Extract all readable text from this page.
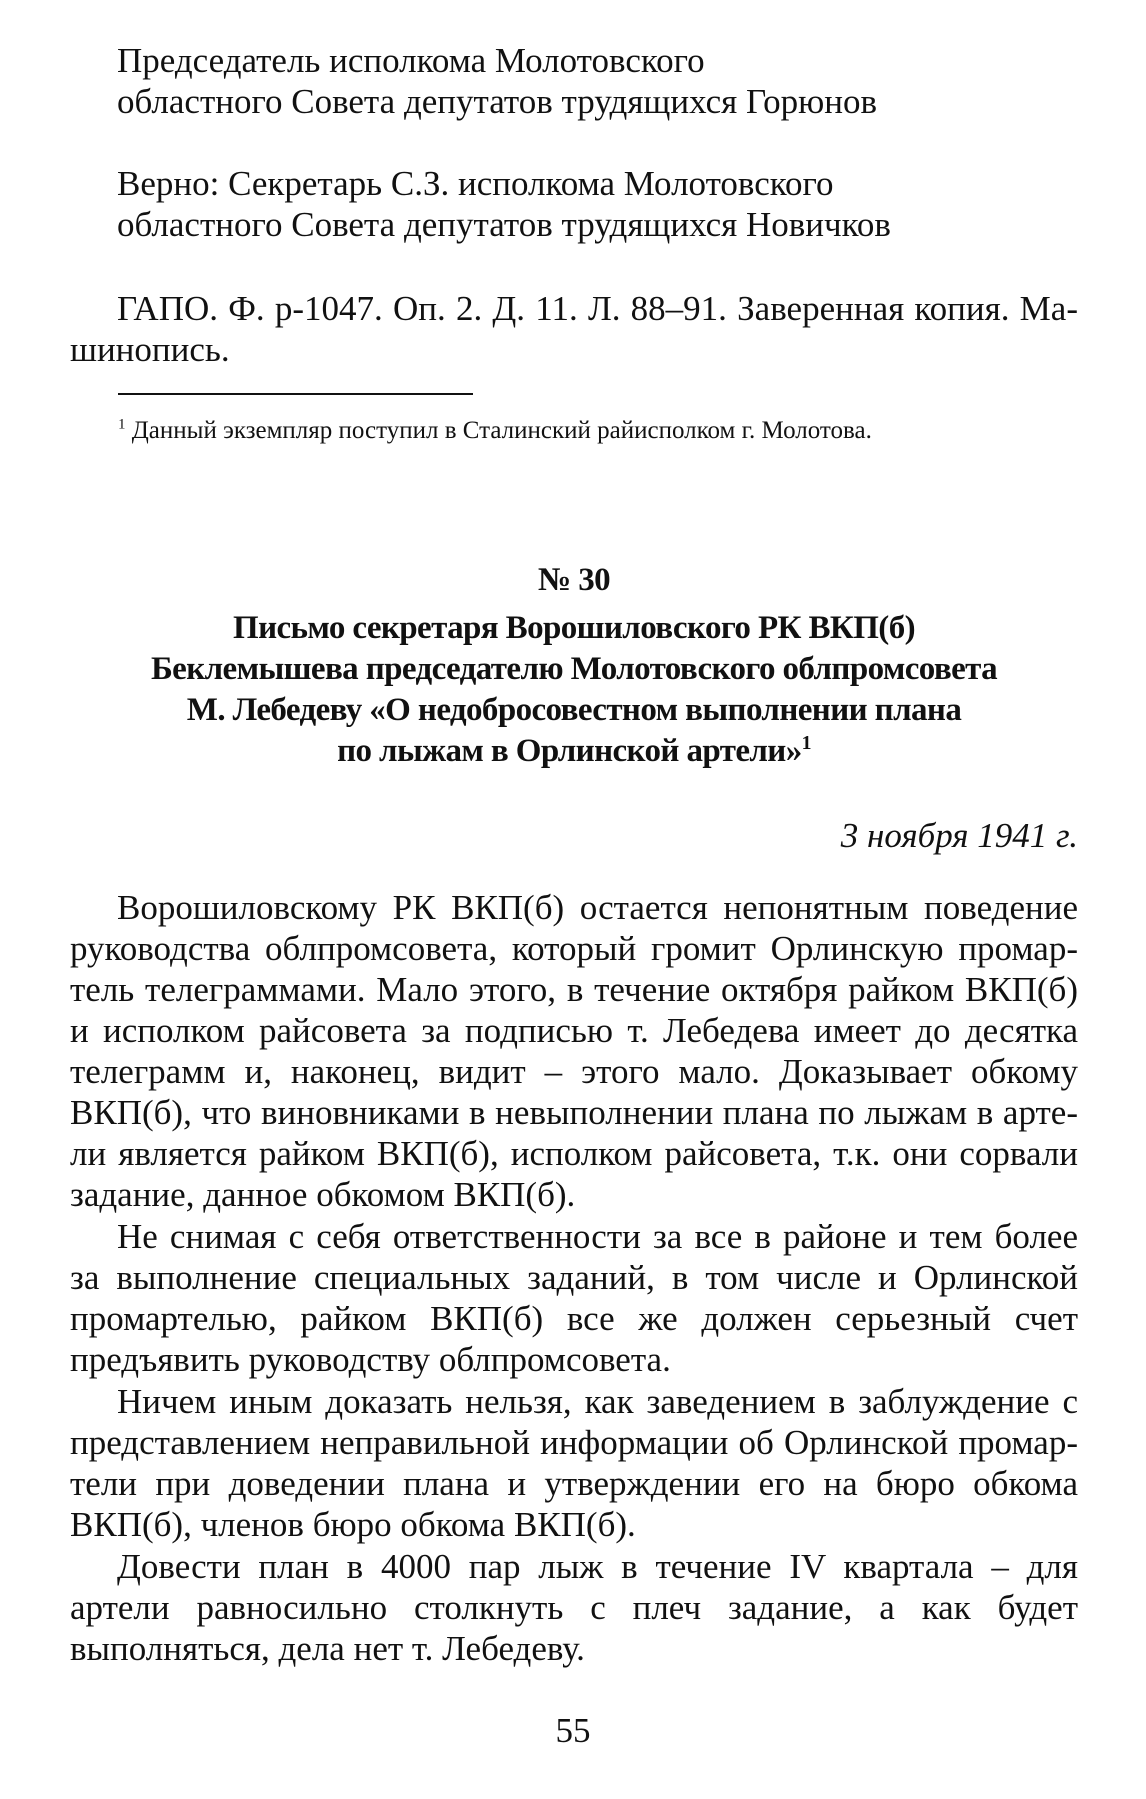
Председатель исполкома Молотовского
областного Совета депутатов трудящихся Горюнов
Верно: Секретарь С.З. исполкома Молотовского
областного Совета депутатов трудящихся Новичков

ГАПО. Ф. р-1047. Оп. 2. Д. 11. Л. 88–91. Заверенная копия. Машинопись.

$^1$ Данный экземпляр поступил в Сталинский райисполком г. Молотова.
№ 30
Письмо секретаря Ворошиловского РК ВКП(б)
Беклемышева председателю Молотовского облпромсовета
М. Лебедеву «О недобросовестном выполнении плана
по лыжам в Орлинской артели»$^1$
3 ноября 1941 г.

Ворошиловскому РК ВКП(б) остается непонятным поведение руководства облпромсовета, который громит Орлинскую промартель телеграммами. Мало этого, в течение октября райком ВКП(б) и исполком райсовета за подписью т. Лебедева имеет до десятка телеграмм и, наконец, видит – этого мало. Доказывает обкому ВКП(б), что виновниками в невыполнении плана по лыжам в артели является райком ВКП(б), исполком райсовета, т.к. они сорвали задание, данное обкомом ВКП(б).

Не снимая с себя ответственности за все в районе и тем более за выполнение специальных заданий, в том числе и Орлинской промартелью, райком ВКП(б) все же должен серьезный счет предъявить руководству облпромсовета.

Ничем иным доказать нельзя, как заведением в заблуждение с представлением неправильной информации об Орлинской промартели при доведении плана и утверждении его на бюро обкома ВКП(б), членов бюро обкома ВКП(б).

Довести план в 4000 пар лыж в течение IV квартала – для артели равносильно столкнуть с плеч задание, а как будет выполняться, дела нет т. Лебедеву.

55
